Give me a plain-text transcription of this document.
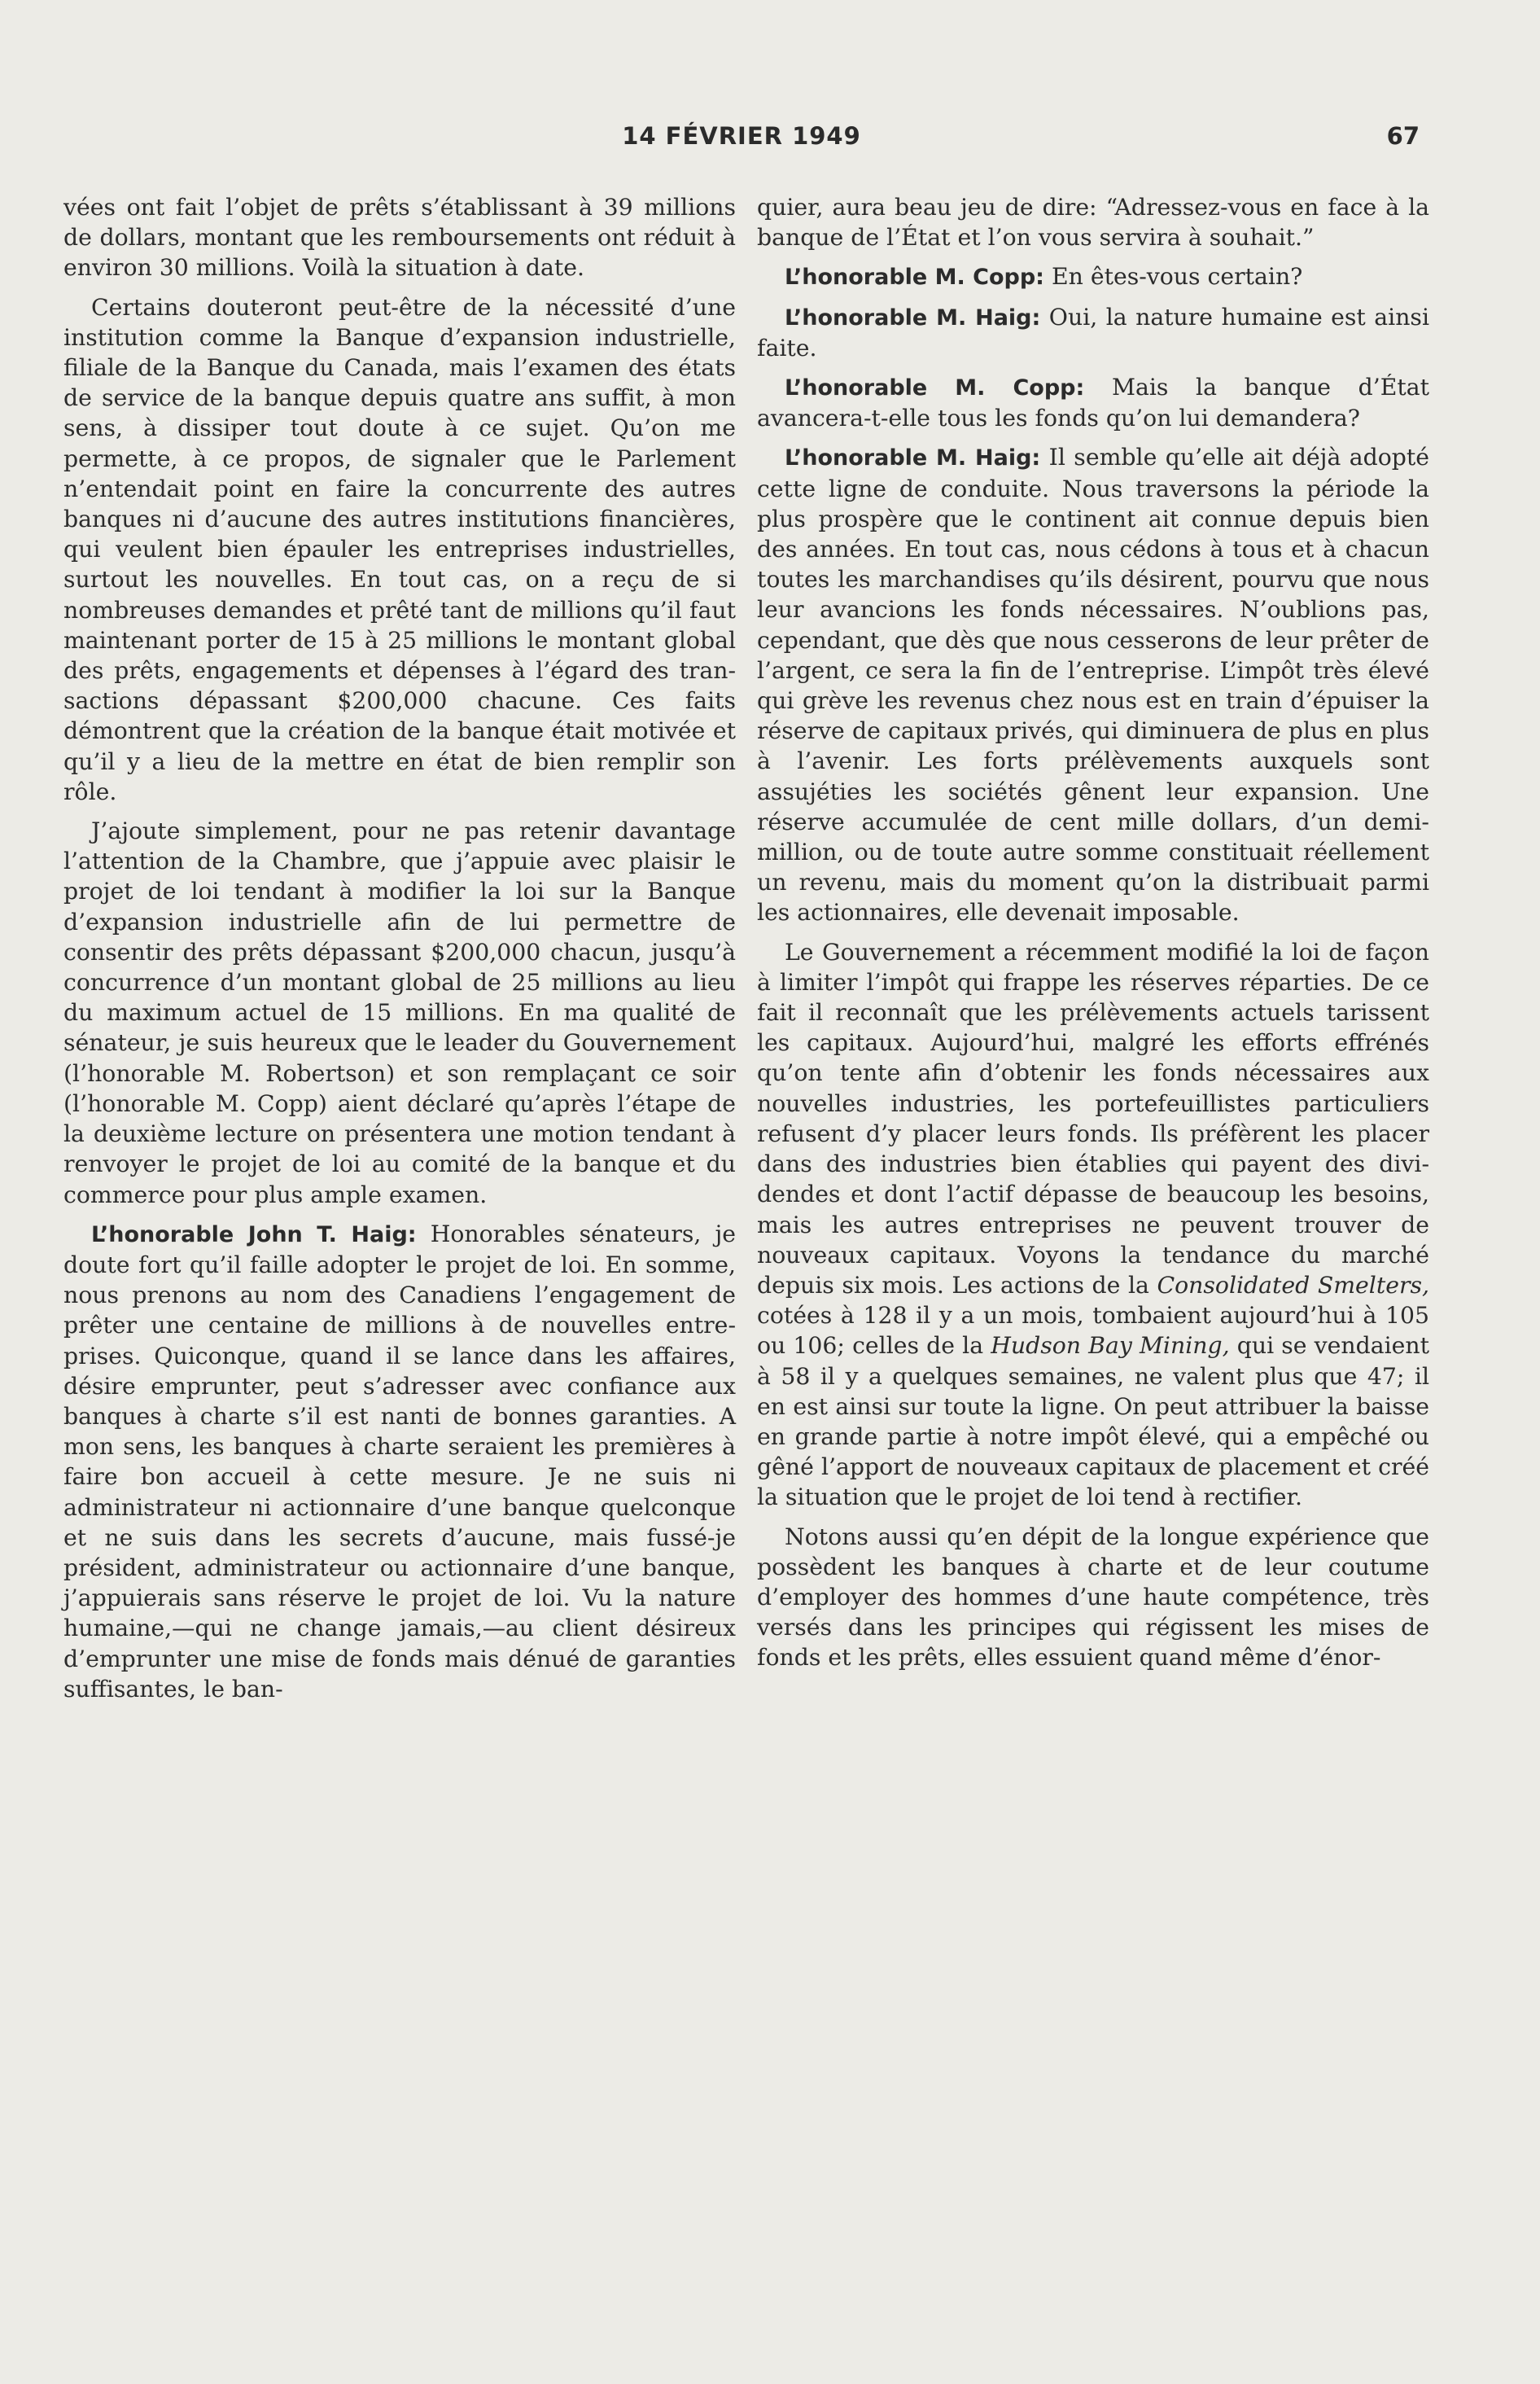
14 FÉVRIER 1949	67

vées ont fait l’objet de prêts s’établissant à 39 millions de dollars, montant que les remboursements ont réduit à environ 30 millions. Voilà la situation à date.

Certains douteront peut-être de la nécessité d’une institution comme la Banque d’expansion industrielle, filiale de la Banque du Canada, mais l’examen des états de service de la banque depuis quatre ans suffit, à mon sens, à dissiper tout doute à ce sujet. Qu’on me permette, à ce propos, de signaler que le Parlement n’entendait point en faire la concurrente des autres banques ni d’aucune des autres institutions financières, qui veulent bien épauler les entreprises industrielles, surtout les nouvelles. En tout cas, on a reçu de si nombreuses demandes et prêté tant de millions qu’il faut maintenant porter de 15 à 25 millions le montant global des prêts, engagements et dépenses à l’égard des transactions dépassant $200,000 chacune. Ces faits démontrent que la création de la banque était motivée et qu’il y a lieu de la mettre en état de bien remplir son rôle.

J’ajoute simplement, pour ne pas retenir davantage l’attention de la Chambre, que j’appuie avec plaisir le projet de loi tendant à modifier la loi sur la Banque d’expansion industrielle afin de lui permettre de consentir des prêts dépassant $200,000 chacun, jusqu’à concurrence d’un montant global de 25 millions au lieu du maximum actuel de 15 millions. En ma qualité de sénateur, je suis heureux que le leader du Gouvernement (l’honorable M. Robertson) et son remplaçant ce soir (l’honorable M. Copp) aient déclaré qu’après l’étape de la deuxième lecture on présentera une motion tendant à renvoyer le projet de loi au comité de la banque et du commerce pour plus ample examen.

L’honorable John T. Haig: Honorables sénateurs, je doute fort qu’il faille adopter le projet de loi. En somme, nous prenons au nom des Canadiens l’engagement de prêter une centaine de millions à de nouvelles entreprises. Quiconque, quand il se lance dans les affaires, désire emprunter, peut s’adresser avec confiance aux banques à charte s’il est nanti de bonnes garanties. A mon sens, les banques à charte seraient les premières à faire bon accueil à cette mesure. Je ne suis ni administrateur ni actionnaire d’une banque quelconque et ne suis dans les secrets d’aucune, mais fussé-je président, administrateur ou actionnaire d’une banque, j’appuierais sans réserve le projet de loi. Vu la nature humaine,—qui ne change jamais,—au client désireux d’emprunter une mise de fonds mais dénué de garanties suffisantes, le ban-

quier, aura beau jeu de dire: “Adressez-vous en face à la banque de l’État et l’on vous servira à souhait.”

L’honorable M. Copp: En êtes-vous certain?

L’honorable M. Haig: Oui, la nature humaine est ainsi faite.

L’honorable M. Copp: Mais la banque d’État avancera-t-elle tous les fonds qu’on lui demandera?

L’honorable M. Haig: Il semble qu’elle ait déjà adopté cette ligne de conduite. Nous traversons la période la plus prospère que le continent ait connue depuis bien des années. En tout cas, nous cédons à tous et à chacun toutes les marchandises qu’ils désirent, pourvu que nous leur avancions les fonds nécessaires. N’oublions pas, cependant, que dès que nous cesserons de leur prêter de l’argent, ce sera la fin de l’entreprise. L’impôt très élevé qui grève les revenus chez nous est en train d’épuiser la réserve de capitaux privés, qui diminuera de plus en plus à l’avenir. Les forts prélèvements auxquels sont assujéties les sociétés gênent leur expansion. Une réserve accumulée de cent mille dollars, d’un demi-million, ou de toute autre somme constituait réellement un revenu, mais du moment qu’on la distribuait parmi les actionnaires, elle devenait imposable.

Le Gouvernement a récemment modifié la loi de façon à limiter l’impôt qui frappe les réserves réparties. De ce fait il reconnaît que les prélèvements actuels tarissent les capitaux. Aujourd’hui, malgré les efforts effrénés qu’on tente afin d’obtenir les fonds nécessaires aux nouvelles industries, les portefeuillistes particuliers refusent d’y placer leurs fonds. Ils préfèrent les placer dans des industries bien établies qui payent des dividendes et dont l’actif dépasse de beaucoup les besoins, mais les autres entreprises ne peuvent trouver de nouveaux capitaux. Voyons la tendance du marché depuis six mois. Les actions de la Consolidated Smelters, cotées à 128 il y a un mois, tombaient aujourd’hui à 105 ou 106; celles de la Hudson Bay Mining, qui se vendaient à 58 il y a quelques semaines, ne valent plus que 47; il en est ainsi sur toute la ligne. On peut attribuer la baisse en grande partie à notre impôt élevé, qui a empêché ou gêné l’apport de nouveaux capitaux de placement et créé la situation que le projet de loi tend à rectifier.

Notons aussi qu’en dépit de la longue expérience que possèdent les banques à charte et de leur coutume d’employer des hommes d’une haute compétence, très versés dans les principes qui régissent les mises de fonds et les prêts, elles essuient quand même d’énor-
